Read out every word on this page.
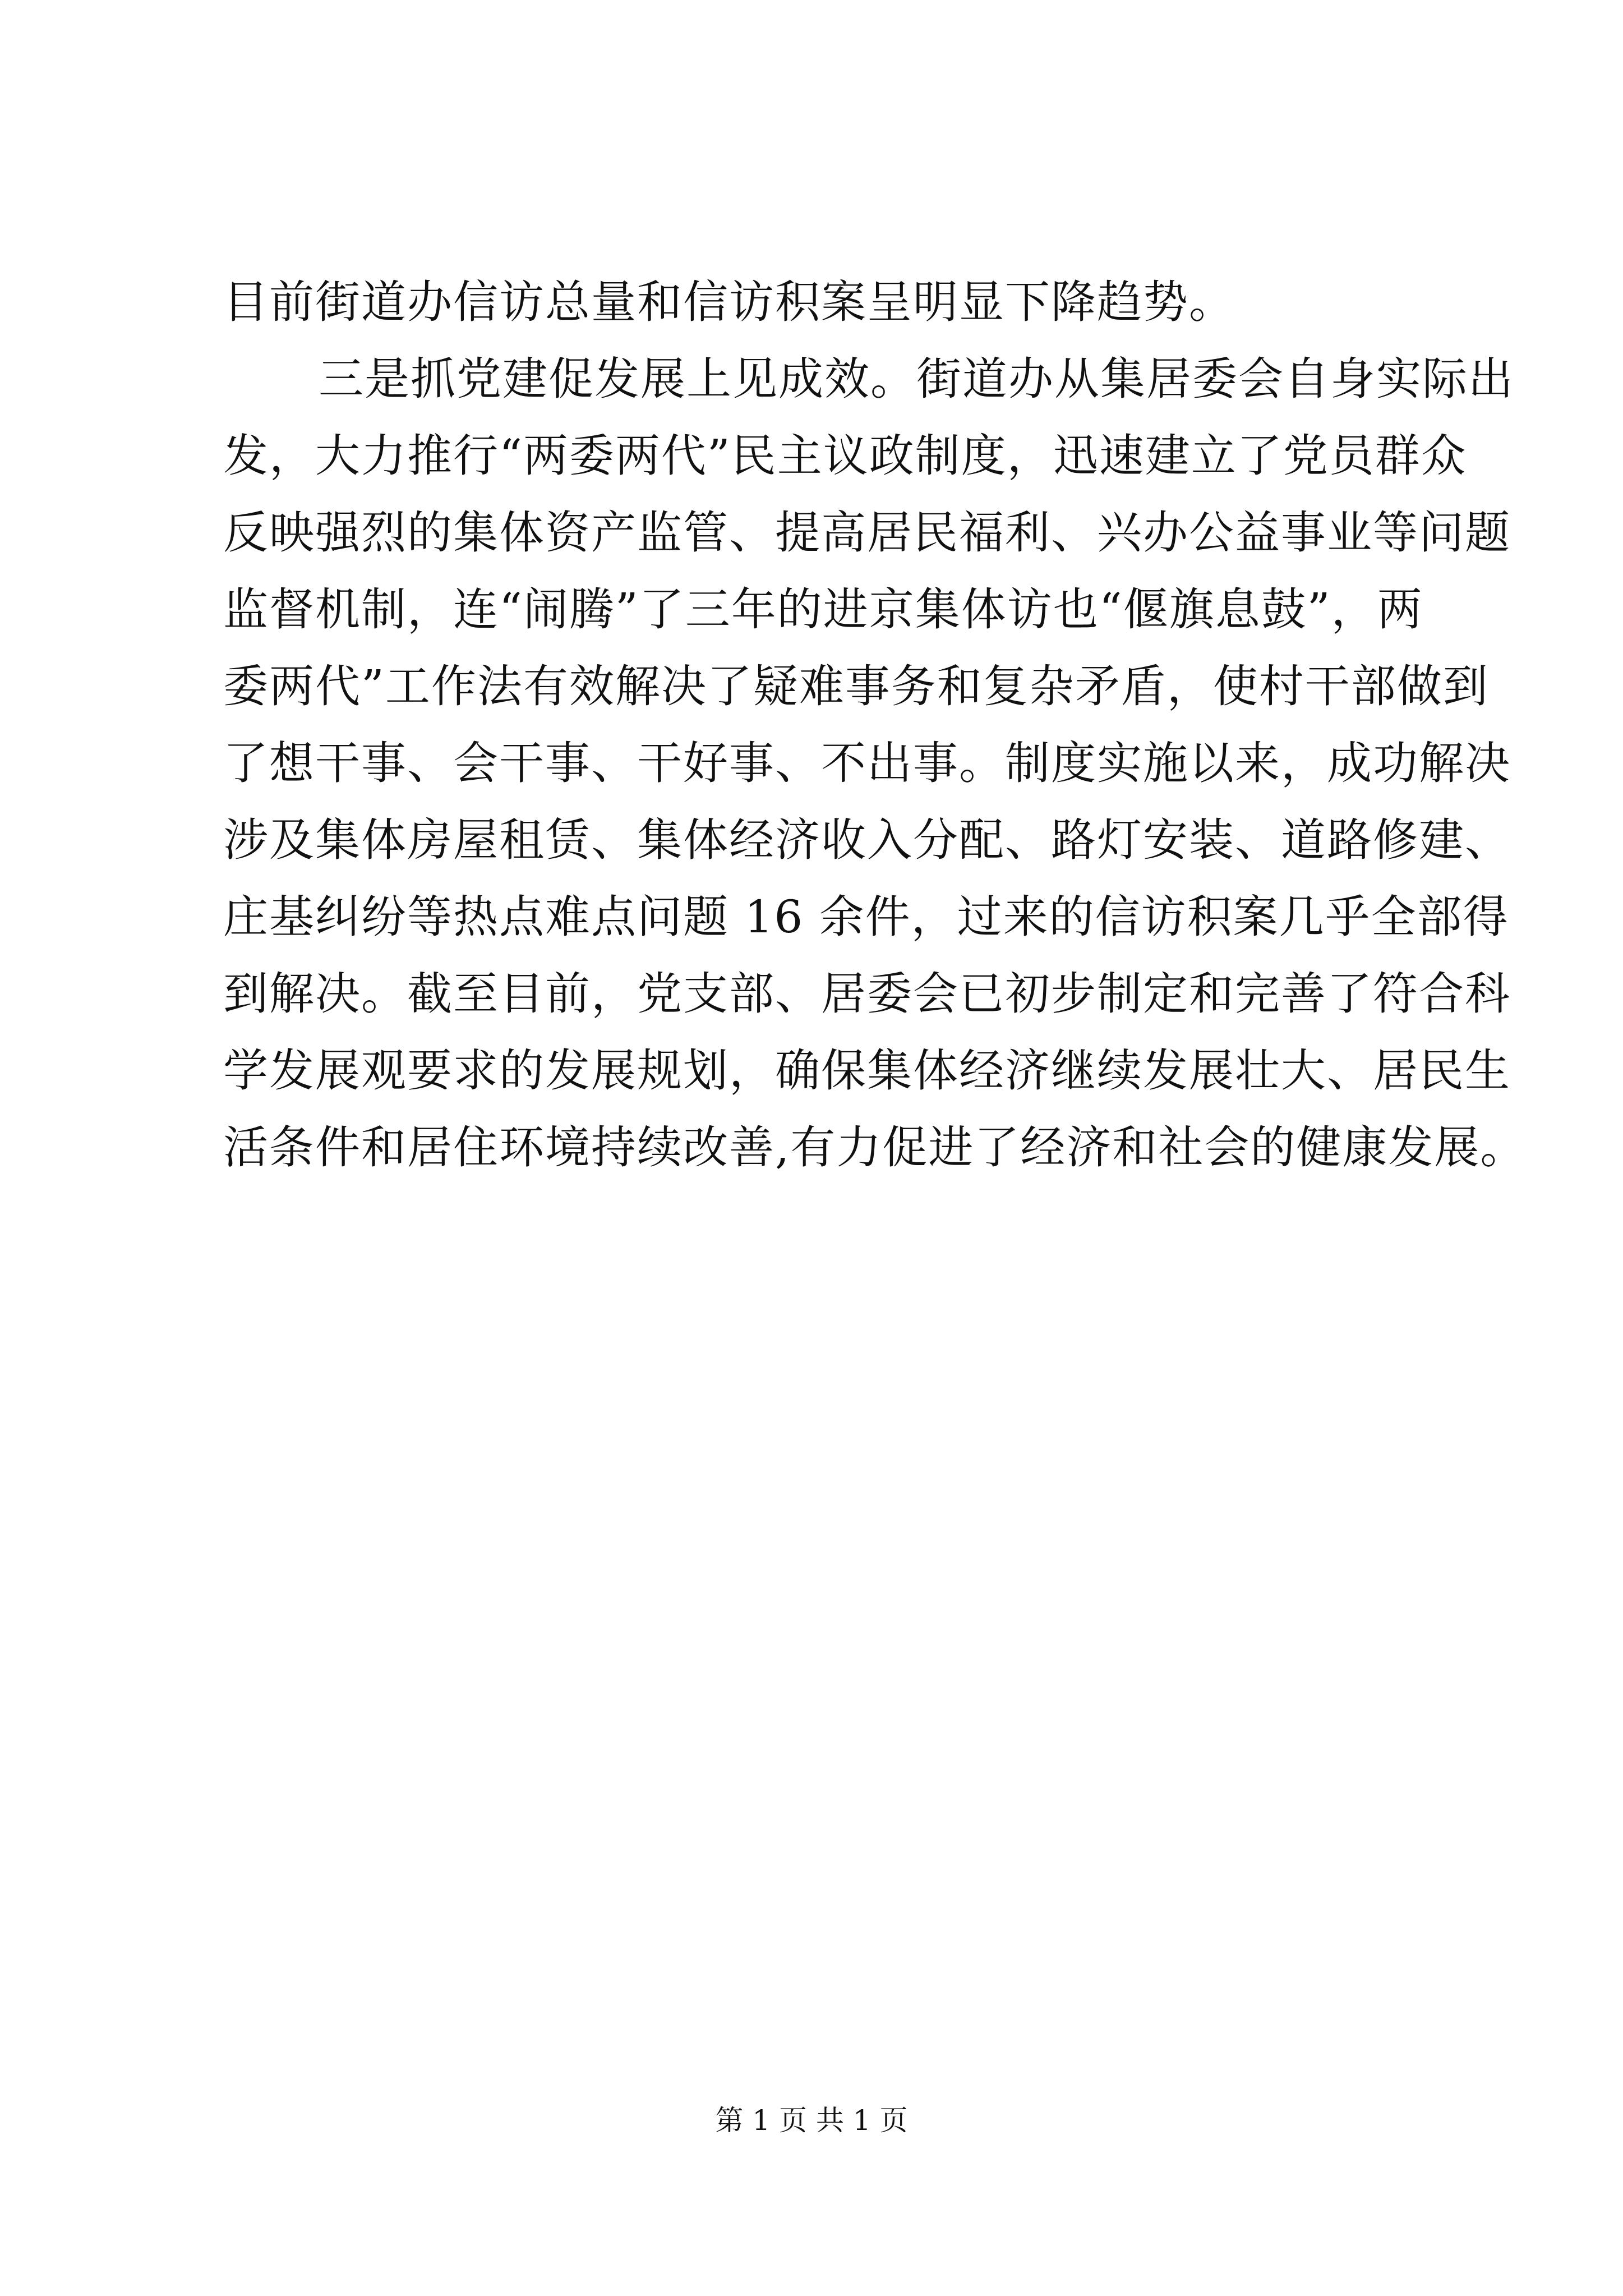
目前街道办信访总量和信访积案呈明显下降趋势。
三是抓党建促发展上见成效。街道办从集居委会自身实际出
发，大力推行“两委两代”民主议政制度，迅速建立了党员群众
反映强烈的集体资产监管、提高居民福利、兴办公益事业等问题
监督机制，连“闹腾”了三年的进京集体访也“偃旗息鼓”，两
委两代”工作法有效解决了疑难事务和复杂矛盾，使村干部做到
了想干事、会干事、干好事、不出事。制度实施以来，成功解决
涉及集体房屋租赁、集体经济收入分配、路灯安装、道路修建、
庄基纠纷等热点难点问题 16 余件，过来的信访积案几乎全部得
到解决。截至目前，党支部、居委会已初步制定和完善了符合科
学发展观要求的发展规划，确保集体经济继续发展壮大、居民生
活条件和居住环境持续改善,有力促进了经济和社会的健康发展。
第 1 页 共 1 页
